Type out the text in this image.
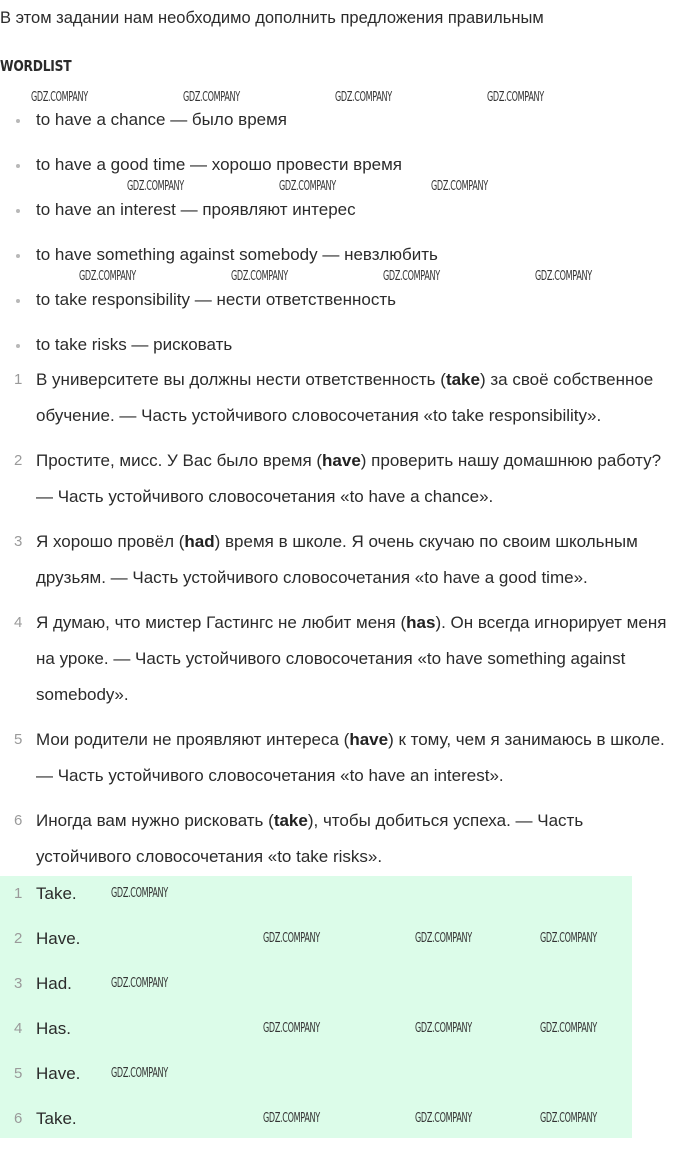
В этом задании нам необходимо дополнить предложения правильным
WORDLIST
to have a chance — было время
to have a good time — хорошо провести время
to have an interest — проявляют интерес
to have something against somebody — невзлюбить
to take responsibility — нести ответственность
to take risks — рисковать
1 В университете вы должны нести ответственность (take) за своё собственное обучение. — Часть устойчивого словосочетания «to take responsibility».
2 Простите, мисс. У Вас было время (have) проверить нашу домашнюю работу? — Часть устойчивого словосочетания «to have a chance».
3 Я хорошо провёл (had) время в школе. Я очень скучаю по своим школьным друзьям. — Часть устойчивого словосочетания «to have a good time».
4 Я думаю, что мистер Гастингс не любит меня (has). Он всегда игнорирует меня на уроке. — Часть устойчивого словосочетания «to have something against somebody».
5 Мои родители не проявляют интереса (have) к тому, чем я занимаюсь в школе. — Часть устойчивого словосочетания «to have an interest».
6 Иногда вам нужно рисковать (take), чтобы добиться успеха. — Часть устойчивого словосочетания «to take risks».
1 Take.
2 Have.
3 Had.
4 Has.
5 Have.
6 Take.
GDZ.COMPANY	GDZ.COMPANY	GDZ.COMPANY	GDZ.COMPANY
GDZ.COMPANY	GDZ.COMPANY	GDZ.COMPANY
GDZ.COMPANY	GDZ.COMPANY
GDZ.COMPANY	GDZ.COMPANY
GDZ.COMPANY
GDZ.COMPANY	GDZ.COMPANY	GDZ.COMPANY
GDZ.COMPANY
GDZ.COMPANY	GDZ.COMPANY	GDZ.COMPANY
GDZ.COMPANY
GDZ.COMPANY	GDZ.COMPANY	GDZ.COMPANY
